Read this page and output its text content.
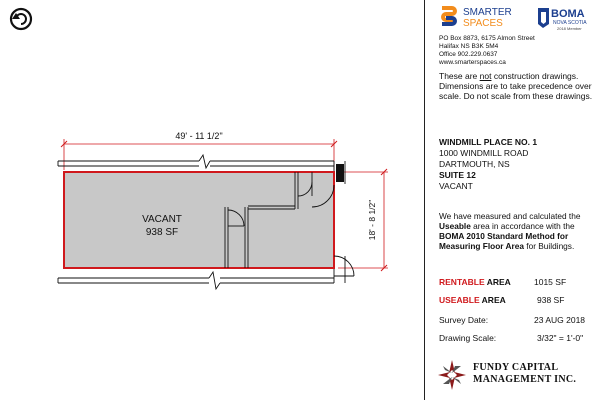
49' - 11 1/2"
18' - 8 1/2"
VACANT
938 SF
SMARTER
SPACES
BOMA
NOVA SCOTIA
2018 Member
PO Box 8873, 6175 Almon Street
Halifax NS B3K 5M4
Office 902.229.0637
www.smarterspaces.ca
These are not construction drawings.
Dimensions are to take precedence over scale. Do not scale from these drawings.
WINDMILL PLACE NO. 1
1000 WINDMILL ROAD
DARTMOUTH, NS
SUITE 12
VACANT
We have measured and calculated the Useable area in accordance with the BOMA 2010 Standard Method for Measuring Floor Area for Buildings.
RENTABLE AREA	1015 SF
USEABLE AREA	938 SF
Survey Date:	23 AUG 2018
Drawing Scale:	3/32" = 1'-0"
FUNDY CAPITAL
MANAGEMENT INC.
